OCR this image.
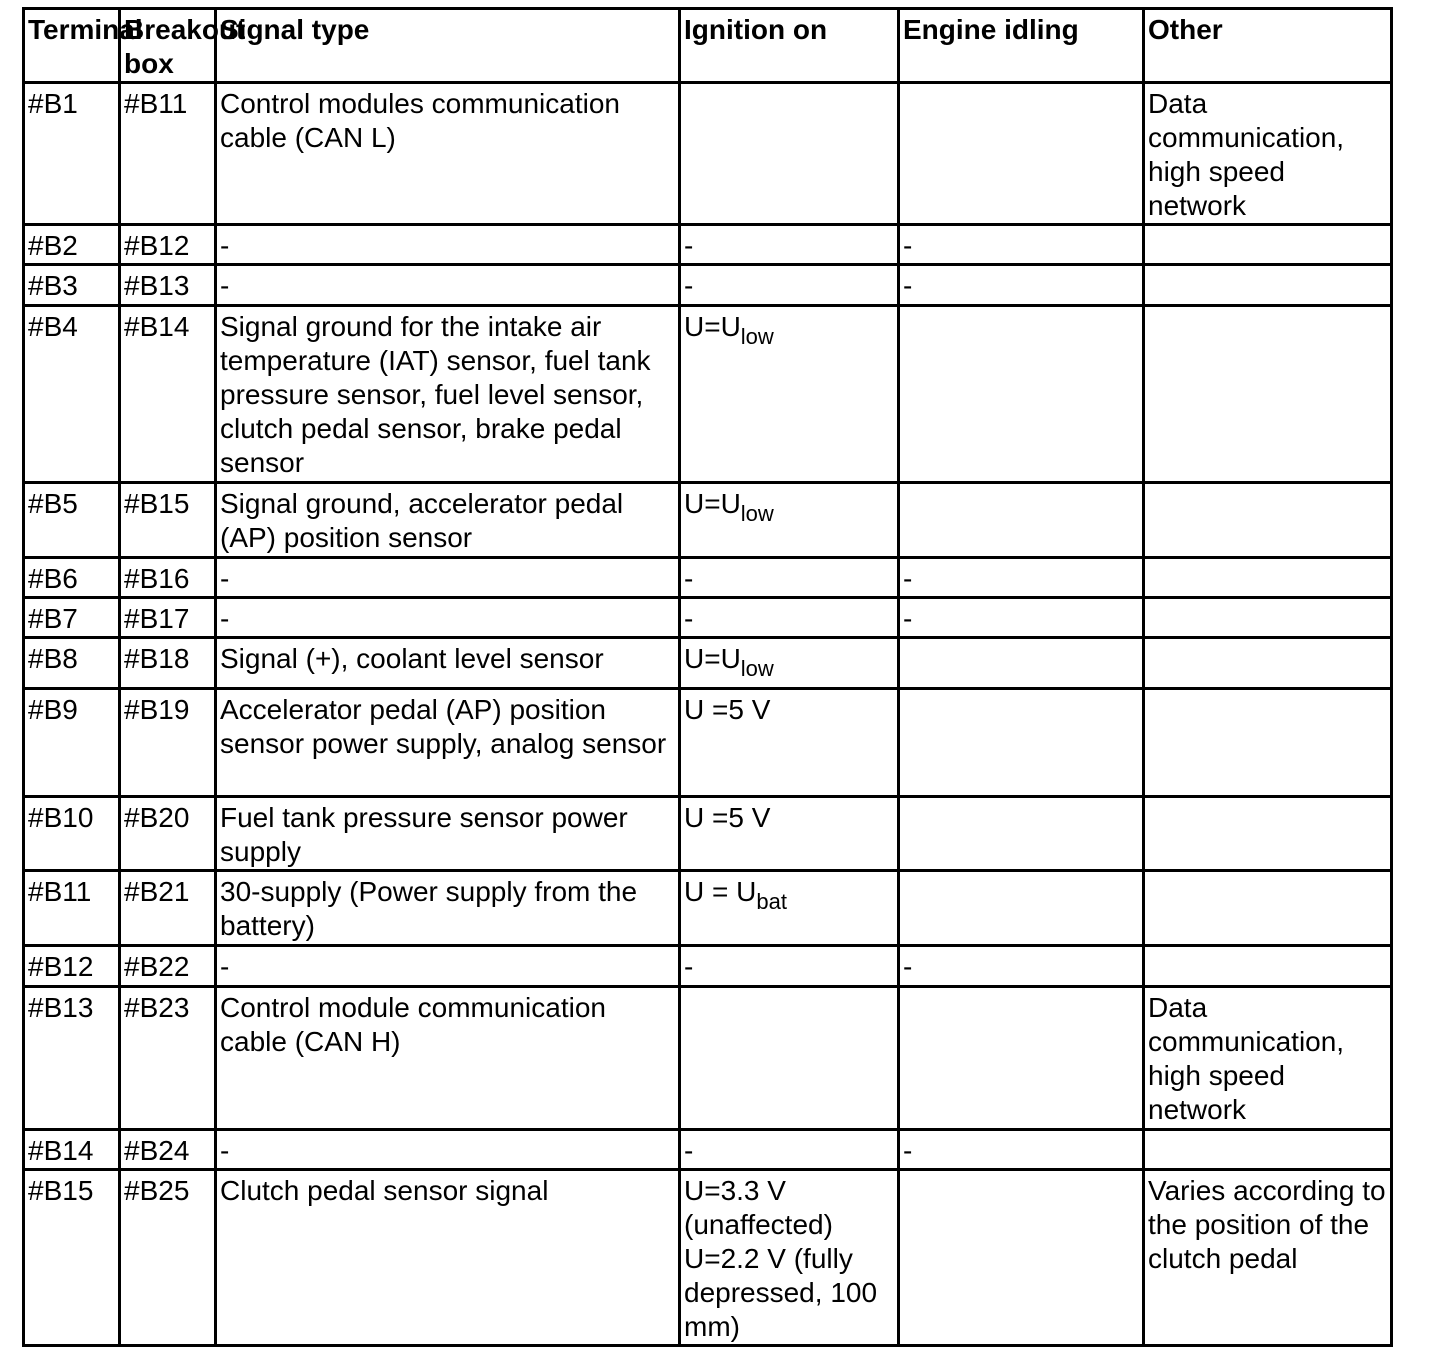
Terminal	Breakout box	Signal type	Ignition on	Engine idling	Other
#B1	#B11	Control modules communication cable (CAN L)			Data communication, high speed network
#B2	#B12	-	-	-	
#B3	#B13	-	-	-	
#B4	#B14	Signal ground for the intake air temperature (IAT) sensor, fuel tank pressure sensor, fuel level sensor, clutch pedal sensor, brake pedal sensor	$U=U_{low}$		
#B5	#B15	Signal ground, accelerator pedal (AP) position sensor	$U=U_{low}$		
#B6	#B16	-	-	-	
#B7	#B17	-	-	-	
#B8	#B18	Signal (+), coolant level sensor	$U=U_{low}$		
#B9	#B19	Accelerator pedal (AP) position sensor power supply, analog sensor	U =5 V		
#B10	#B20	Fuel tank pressure sensor power supply	U =5 V		
#B11	#B21	30-supply (Power supply from the battery)	$U = U_{bat}$		
#B12	#B22	-	-	-	
#B13	#B23	Control module communication cable (CAN H)			Data communication, high speed network
#B14	#B24	-	-	-	
#B15	#B25	Clutch pedal sensor signal	U=3.3 V (unaffected) U=2.2 V (fully depressed, 100 mm)		Varies according to the position of the clutch pedal
